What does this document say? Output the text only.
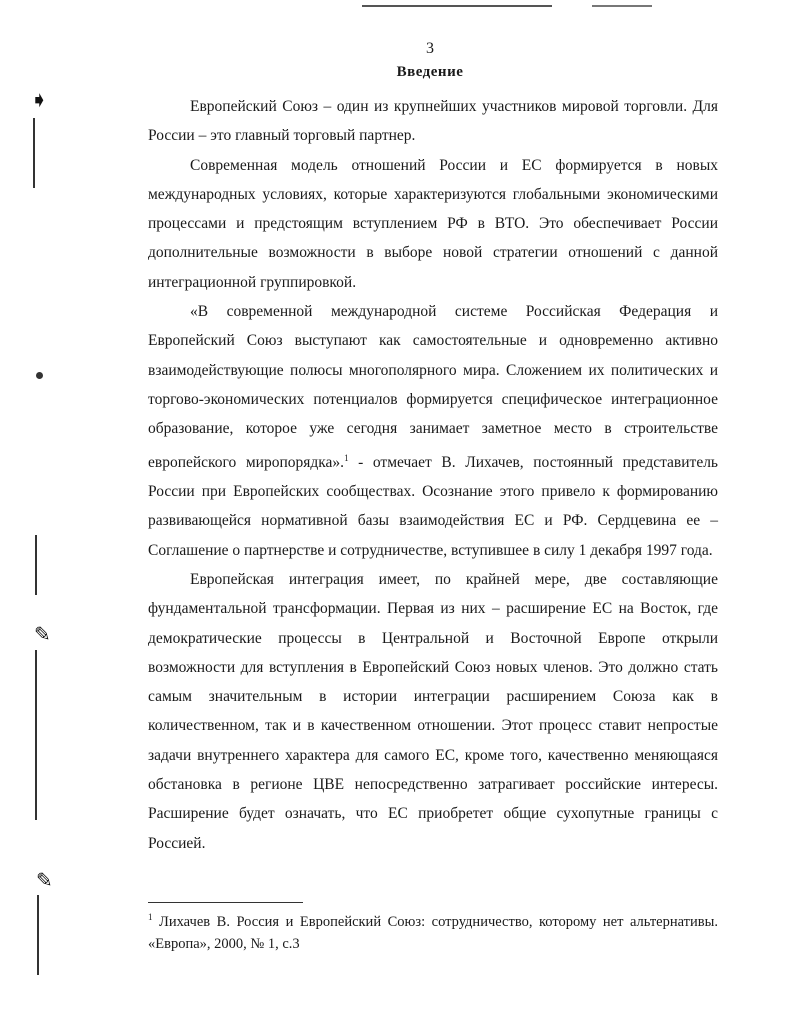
➧
✎
✎
3
Введение

Европейский Союз – один из крупнейших участников мировой торговли. Для России – это главный торговый партнер.

Современная модель отношений России и ЕС формируется в новых международных условиях, которые характеризуются глобальными экономическими процессами и предстоящим вступлением РФ в ВТО. Это обеспечивает России дополнительные возможности в выборе новой стратегии отношений с данной интеграционной группировкой.

«В современной международной системе Российская Федерация и Европейский Союз выступают как самостоятельные и одновременно активно взаимодействующие полюсы многополярного мира. Сложением их политических и торгово-экономических потенциалов формируется специфическое интеграционное образование, которое уже сегодня занимает заметное место в строительстве европейского миропорядка».$^1$ - отмечает В. Лихачев, постоянный представитель России при Европейских сообществах. Осознание этого привело к формированию развивающейся нормативной базы взаимодействия ЕС и РФ. Сердцевина ее – Соглашение о партнерстве и сотрудничестве, вступившее в силу 1 декабря 1997 года.

Европейская интеграция имеет, по крайней мере, две составляющие фундаментальной трансформации. Первая из них – расширение ЕС на Восток, где демократические процессы в Центральной и Восточной Европе открыли возможности для вступления в Европейский Союз новых членов. Это должно стать самым значительным в истории интеграции расширением Союза как в количественном, так и в качественном отношении. Этот процесс ставит непростые задачи внутреннего характера для самого ЕС, кроме того, качественно меняющаяся обстановка в регионе ЦВЕ непосредственно затрагивает российские интересы. Расширение будет означать, что ЕС приобретет общие сухопутные границы с Россией.

$^1$ Лихачев В. Россия и Европейский Союз: сотрудничество, которому нет альтернативы. «Европа», 2000, № 1, с.3
